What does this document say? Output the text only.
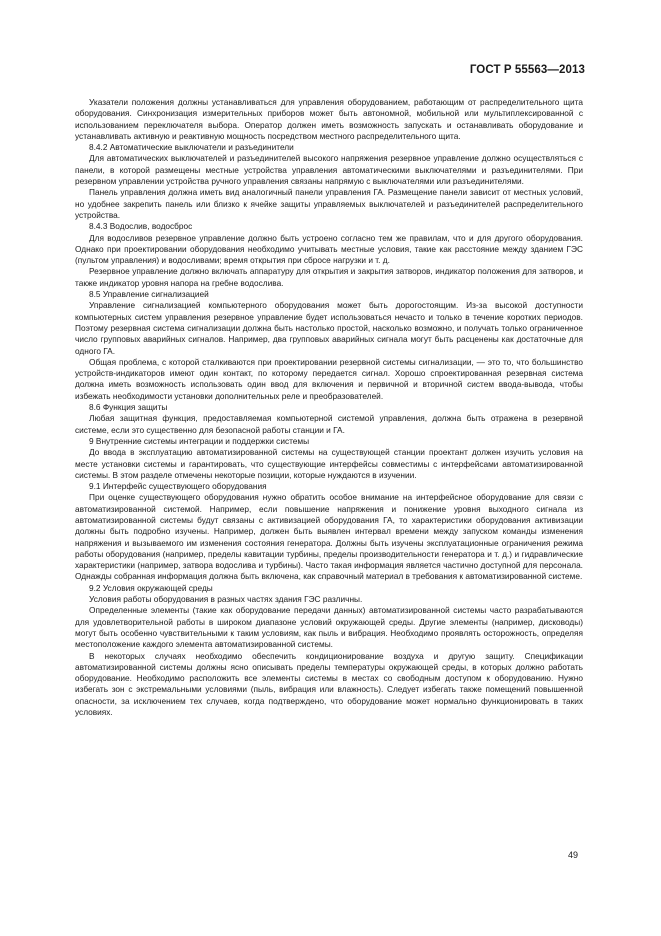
ГОСТ Р 55563—2013

Указатели положения должны устанавливаться для управления оборудованием, работающим от распределительного щита оборудования. Синхронизация измерительных приборов может быть автономной, мобильной или мультиплексированной с использованием переключателя выбора. Оператор должен иметь возможность запускать и останавливать оборудование и устанавливать активную и реактивную мощность посредством местного распределительного щита.

8.4.2 Автоматические выключатели и разъединители

Для автоматических выключателей и разъединителей высокого напряжения резервное управление должно осуществляться с панели, в которой размещены местные устройства управления автоматическими выключателями и разъединителями. При резервном управлении устройства ручного управления связаны напрямую с выключателями или разъединителями.

Панель управления должна иметь вид аналогичный панели управления ГА. Размещение панели зависит от местных условий, но удобнее закрепить панель или близко к ячейке защиты управляемых выключателей и разъединителей распределительного устройства.

8.4.3 Водослив, водосброс

Для водосливов резервное управление должно быть устроено согласно тем же правилам, что и для другого оборудования. Однако при проектировании оборудования необходимо учитывать местные условия, такие как расстояние между зданием ГЭС (пультом управления) и водосливами; время открытия при сбросе нагрузки и т. д.

Резервное управление должно включать аппаратуру для открытия и закрытия затворов, индикатор положения для затворов, и также индикатор уровня напора на гребне водослива.

8.5 Управление сигнализацией

Управление сигнализацией компьютерного оборудования может быть дорогостоящим. Из-за высокой доступности компьютерных систем управления резервное управление будет использоваться нечасто и только в течение коротких периодов. Поэтому резервная система сигнализации должна быть настолько простой, насколько возможно, и получать только ограниченное число групповых аварийных сигналов. Например, два групповых аварийных сигнала могут быть расценены как достаточные для одного ГА.

Общая проблема, с которой сталкиваются при проектировании резервной системы сигнализации, — это то, что большинство устройств-индикаторов имеют один контакт, по которому передается сигнал. Хорошо спроектированная резервная система должна иметь возможность использовать один ввод для включения и первичной и вторичной систем ввода-вывода, чтобы избежать необходимости установки дополнительных реле и преобразователей.

8.6 Функция защиты

Любая защитная функция, предоставляемая компьютерной системой управления, должна быть отражена в резервной системе, если это существенно для безопасной работы станции и ГА.

9 Внутренние системы интеграции и поддержки системы

До ввода в эксплуатацию автоматизированной системы на существующей станции проектант должен изучить условия на месте установки системы и гарантировать, что существующие интерфейсы совместимы с интерфейсами автоматизированной системы. В этом разделе отмечены некоторые позиции, которые нуждаются в изучении.

9.1 Интерфейс существующего оборудования

При оценке существующего оборудования нужно обратить особое внимание на интерфейсное оборудование для связи с автоматизированной системой. Например, если повышение напряжения и понижение уровня выходного сигнала из автоматизированной системы будут связаны с активизацией оборудования ГА, то характеристики оборудования активизации должны быть подробно изучены. Например, должен быть выявлен интервал времени между запуском команды изменения напряжения и вызываемого им изменения состояния генератора. Должны быть изучены эксплуатационные ограничения режима работы оборудования (например, пределы кавитации турбины, пределы производительности генератора и т. д.) и гидравлические характеристики (например, затвора водослива и турбины). Часто такая информация является частично доступной для персонала. Однажды собранная информация должна быть включена, как справочный материал в требования к автоматизированной системе.

9.2 Условия окружающей среды

Условия работы оборудования в разных частях здания ГЭС различны.

Определенные элементы (такие как оборудование передачи данных) автоматизированной системы часто разрабатываются для удовлетворительной работы в широком диапазоне условий окружающей среды. Другие элементы (например, дисководы) могут быть особенно чувствительными к таким условиям, как пыль и вибрация. Необходимо проявлять осторожность, определяя местоположение каждого элемента автоматизированной системы.

В некоторых случаях необходимо обеспечить кондиционирование воздуха и другую защиту. Спецификации автоматизированной системы должны ясно описывать пределы температуры окружающей среды, в которых должно работать оборудование. Необходимо расположить все элементы системы в местах со свободным доступом к оборудованию. Нужно избегать зон с экстремальными условиями (пыль, вибрация или влажность). Следует избегать также помещений повышенной опасности, за исключением тех случаев, когда подтверждено, что оборудование может нормально функционировать в таких условиях.

49
